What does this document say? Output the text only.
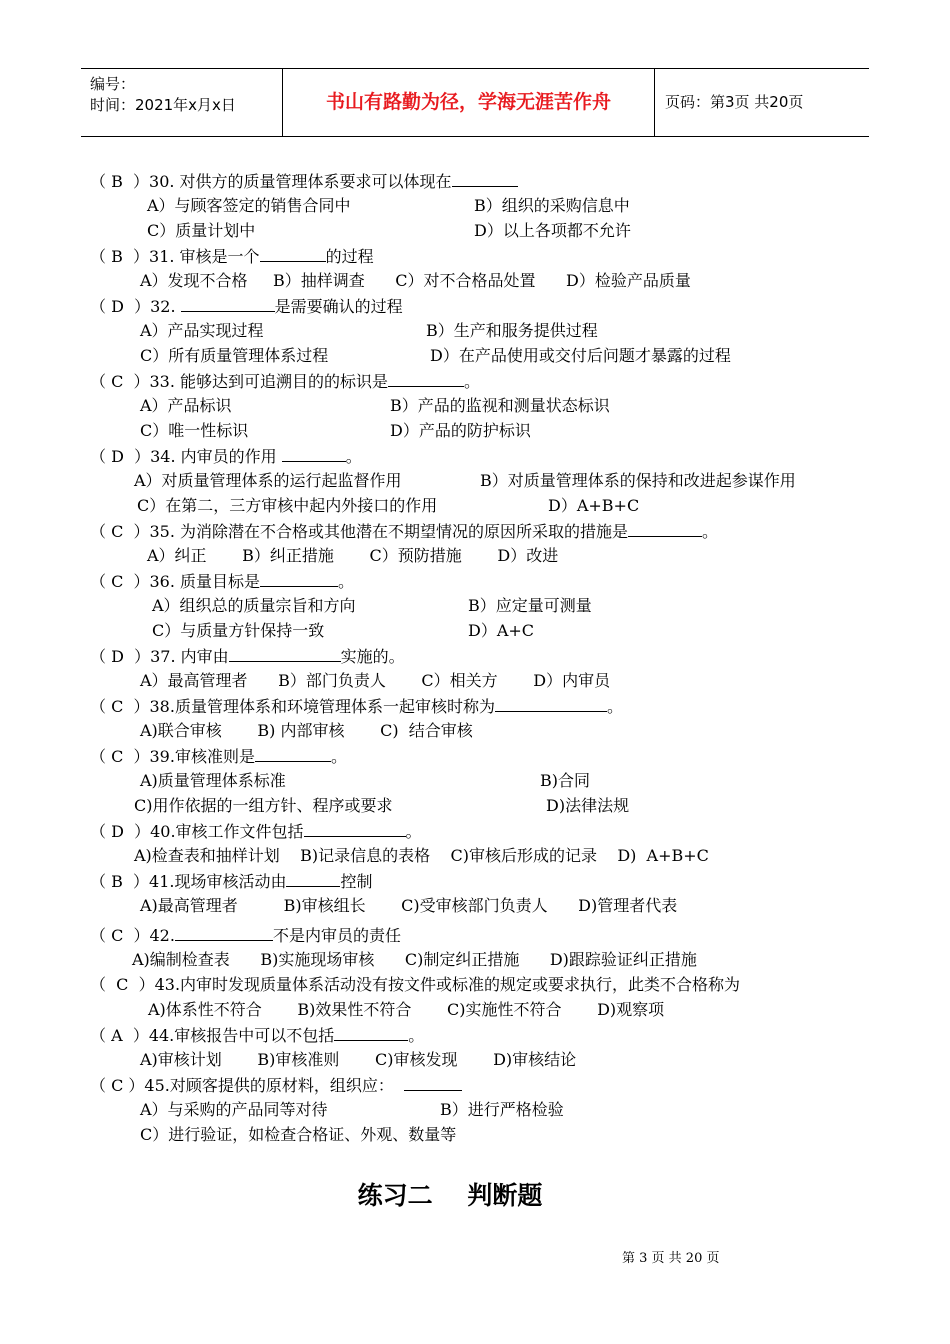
编号：
时间：2021年x月x日	书山有路勤为径，学海无涯苦作舟	页码：第3页 共20页
（ B  ）30. 对供方的质量管理体系要求可以体现在
A）与顾客签定的销售合同中	B）组织的采购信息中
C）质量计划中	D）以上各项都不允许
（ B  ）31. 审核是一个	的过程
A）发现不合格     B）抽样调查      C）对不合格品处置      D）检验产品质量
（ D  ）32.	是需要确认的过程
A）产品实现过程	B）生产和服务提供过程
C）所有质量管理体系过程	D）在产品使用或交付后问题才暴露的过程
（ C  ）33. 能够达到可追溯目的的标识是	。
A）产品标识	B）产品的监视和测量状态标识
C）唯一性标识	D）产品的防护标识
（ D  ）34. 内审员的作用	。
A）对质量管理体系的运行起监督作用	B）对质量管理体系的保持和改进起参谋作用
C）在第二，三方审核中起内外接口的作用	D）A+B+C
（ C  ）35. 为消除潜在不合格或其他潜在不期望情况的原因所采取的措施是	。
A）纠正       B）纠正措施       C）预防措施       D）改进
（ C  ）36. 质量目标是	。
A）组织总的质量宗旨和方向	B）应定量可测量
C）与质量方针保持一致	D）A+C
（ D  ）37. 内审由	实施的。
A）最高管理者      B）部门负责人       C）相关方       D）内审员
（ C  ）38.质量管理体系和环境管理体系一起审核时称为	。
A)联合审核       B) 内部审核       C)  结合审核
（ C  ）39.审核准则是	。
A)质量管理体系标准	B)合同
C)用作依据的一组方针、程序或要求	D)法律法规
（ D  ）40.审核工作文件包括	。
A)检查表和抽样计划    B)记录信息的表格    C)审核后形成的记录    D)  A+B+C
（ B  ）41.现场审核活动由	控制
A)最高管理者         B)审核组长       C)受审核部门负责人      D)管理者代表
（ C  ）42.	不是内审员的责任
A)编制检查表      B)实施现场审核      C)制定纠正措施      D)跟踪验证纠正措施
（  C  ）43.内审时发现质量体系活动没有按文件或标准的规定或要求执行，此类不合格称为
A)体系性不符合       B)效果性不符合       C)实施性不符合       D)观察项
（ A  ）44.审核报告中可以不包括	。
A)审核计划       B)审核准则       C)审核发现       D)审核结论
（ C ）45.对顾客提供的原材料，组织应：
A）与采购的产品同等对待	B）进行严格检验
C）进行验证，如检查合格证、外观、数量等
练习二    判断题
第 3 页 共 20 页
